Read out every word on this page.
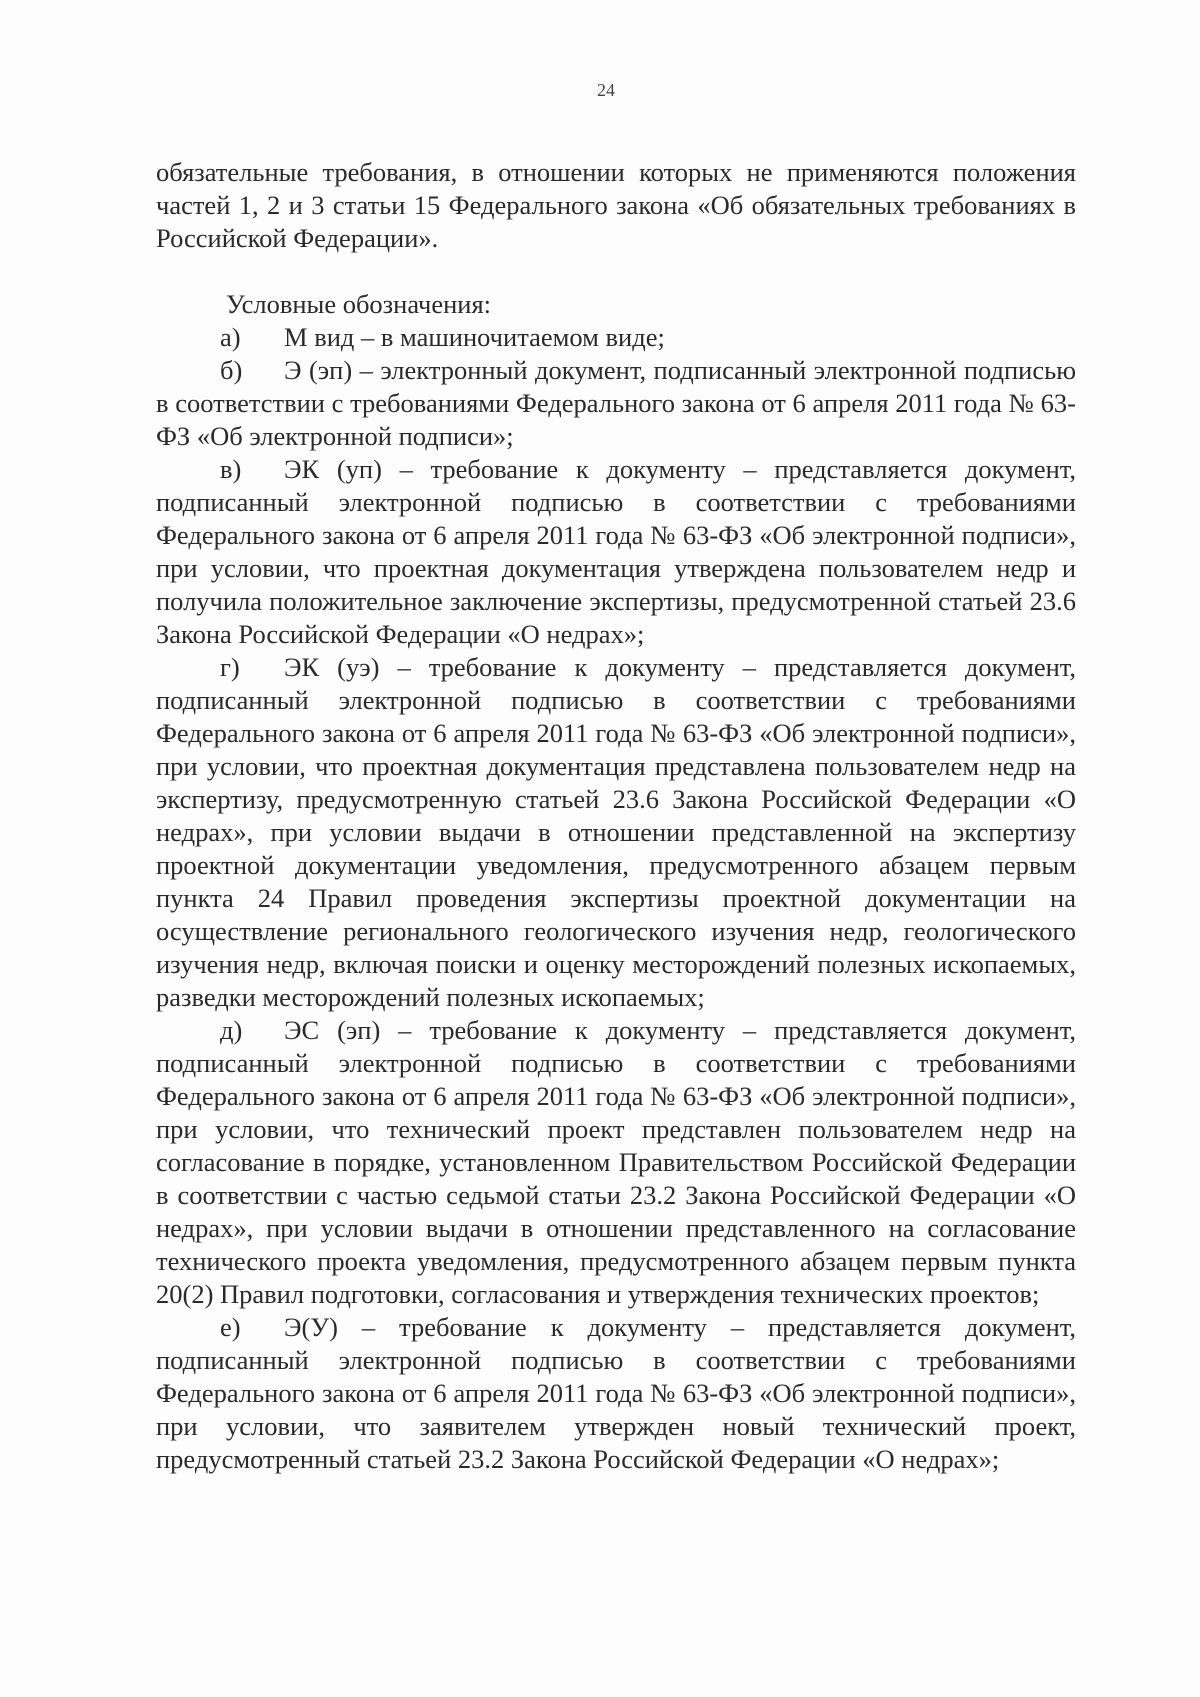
24

обязательные требования, в отношении которых не применяются положения частей 1, 2 и 3 статьи 15 Федерального закона «Об обязательных требованиях в Российской Федерации».

Условные обозначения:

а) М вид – в машиночитаемом виде;

б) Э (эп) – электронный документ, подписанный электронной подписью в соответствии с требованиями Федерального закона от 6 апреля 2011 года № 63-ФЗ «Об электронной подписи»;

в) ЭК (уп) – требование к документу – представляется документ, подписанный электронной подписью в соответствии с требованиями Федерального закона от 6 апреля 2011 года № 63-ФЗ «Об электронной подписи», при условии, что проектная документация утверждена пользователем недр и получила положительное заключение экспертизы, предусмотренной статьей 23.6 Закона Российской Федерации «О недрах»;

г) ЭК (уэ) – требование к документу – представляется документ, подписанный электронной подписью в соответствии с требованиями Федерального закона от 6 апреля 2011 года № 63-ФЗ «Об электронной подписи», при условии, что проектная документация представлена пользователем недр на экспертизу, предусмотренную статьей 23.6 Закона Российской Федерации «О недрах», при условии выдачи в отношении представленной на экспертизу проектной документации уведомления, предусмотренного абзацем первым пункта 24 Правил проведения экспертизы проектной документации на осуществление регионального геологического изучения недр, геологического изучения недр, включая поиски и оценку месторождений полезных ископаемых, разведки месторождений полезных ископаемых;

д) ЭС (эп) – требование к документу – представляется документ, подписанный электронной подписью в соответствии с требованиями Федерального закона от 6 апреля 2011 года № 63-ФЗ «Об электронной подписи», при условии, что технический проект представлен пользователем недр на согласование в порядке, установленном Правительством Российской Федерации в соответствии с частью седьмой статьи 23.2 Закона Российской Федерации «О недрах», при условии выдачи в отношении представленного на согласование технического проекта уведомления, предусмотренного абзацем первым пункта 20(2) Правил подготовки, согласования и утверждения технических проектов;

е) Э(У) – требование к документу – представляется документ, подписанный электронной подписью в соответствии с требованиями Федерального закона от 6 апреля 2011 года № 63-ФЗ «Об электронной подписи», при условии, что заявителем утвержден новый технический проект, предусмотренный статьей 23.2 Закона Российской Федерации «О недрах»;
